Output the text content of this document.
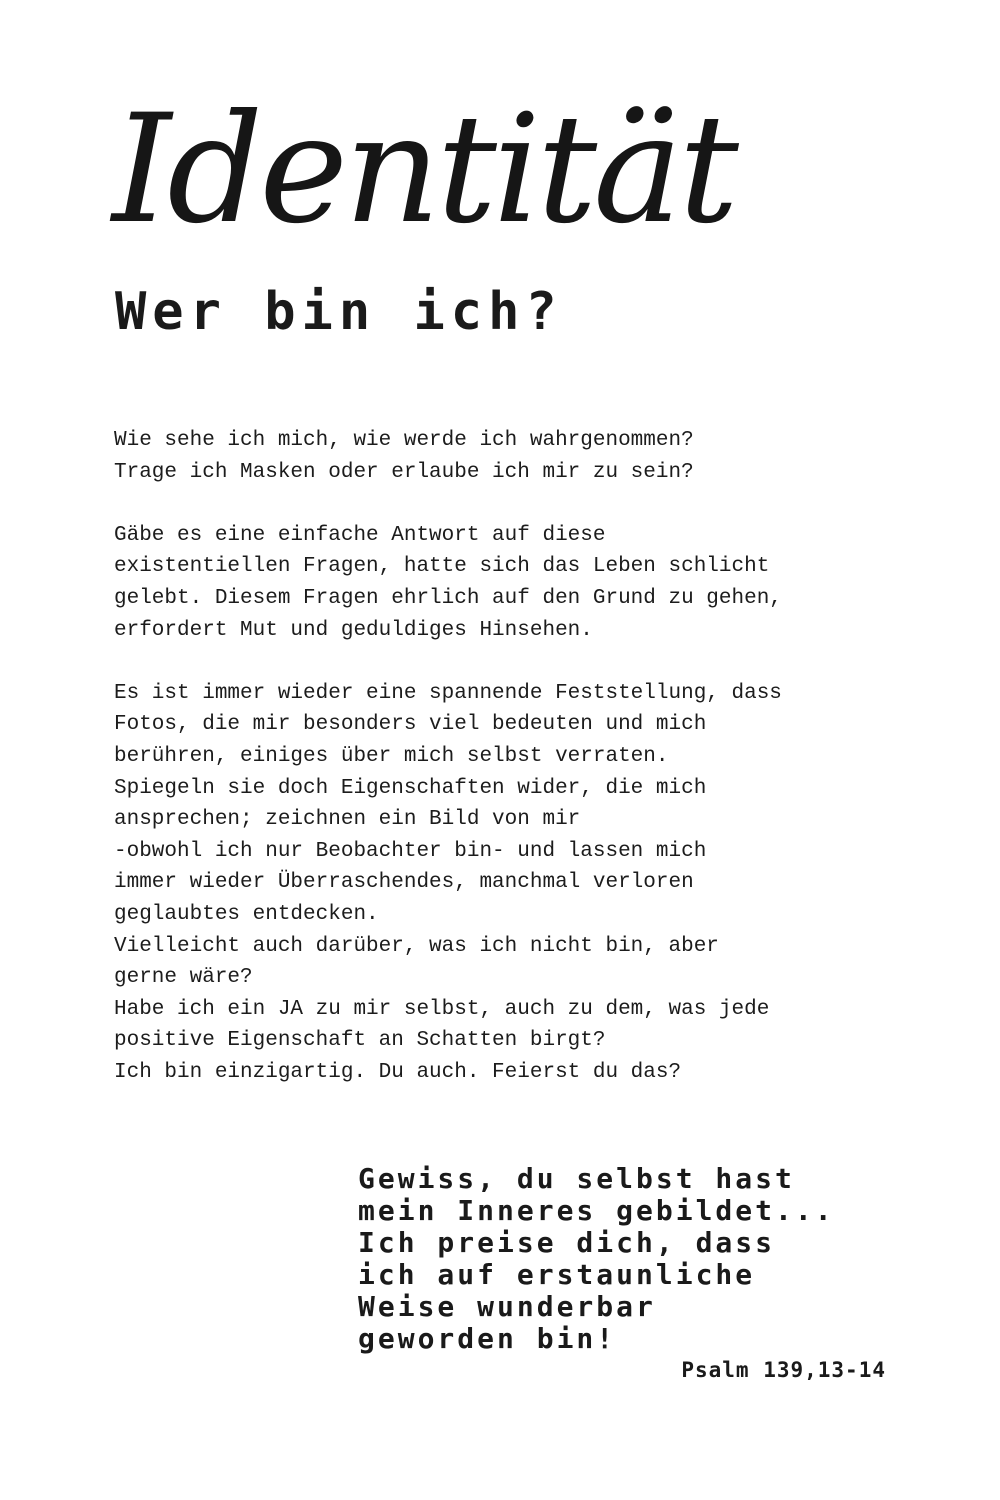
Identität
Wer bin ich?
Wie sehe ich mich, wie werde ich wahrgenommen?
Trage ich Masken oder erlaube ich mir zu sein?
Gäbe es eine einfache Antwort auf diese
existentiellen Fragen, hatte sich das Leben schlicht
gelebt. Diesem Fragen ehrlich auf den Grund zu gehen,
erfordert Mut und geduldiges Hinsehen.
Es ist immer wieder eine spannende Feststellung, dass
Fotos, die mir besonders viel bedeuten und mich
berühren, einiges über mich selbst verraten.
Spiegeln sie doch Eigenschaften wider, die mich
ansprechen; zeichnen ein Bild von mir
-obwohl ich nur Beobachter bin- und lassen mich
immer wieder Überraschendes, manchmal verloren
geglaubtes entdecken.
Vielleicht auch darüber, was ich nicht bin, aber
gerne wäre?
Habe ich ein JA zu mir selbst, auch zu dem, was jede
positive Eigenschaft an Schatten birgt?
Ich bin einzigartig. Du auch. Feierst du das?
Gewiss, du selbst hast
mein Inneres gebildet...
Ich preise dich, dass
ich auf erstaunliche
Weise wunderbar
geworden bin!
Psalm 139,13-14
